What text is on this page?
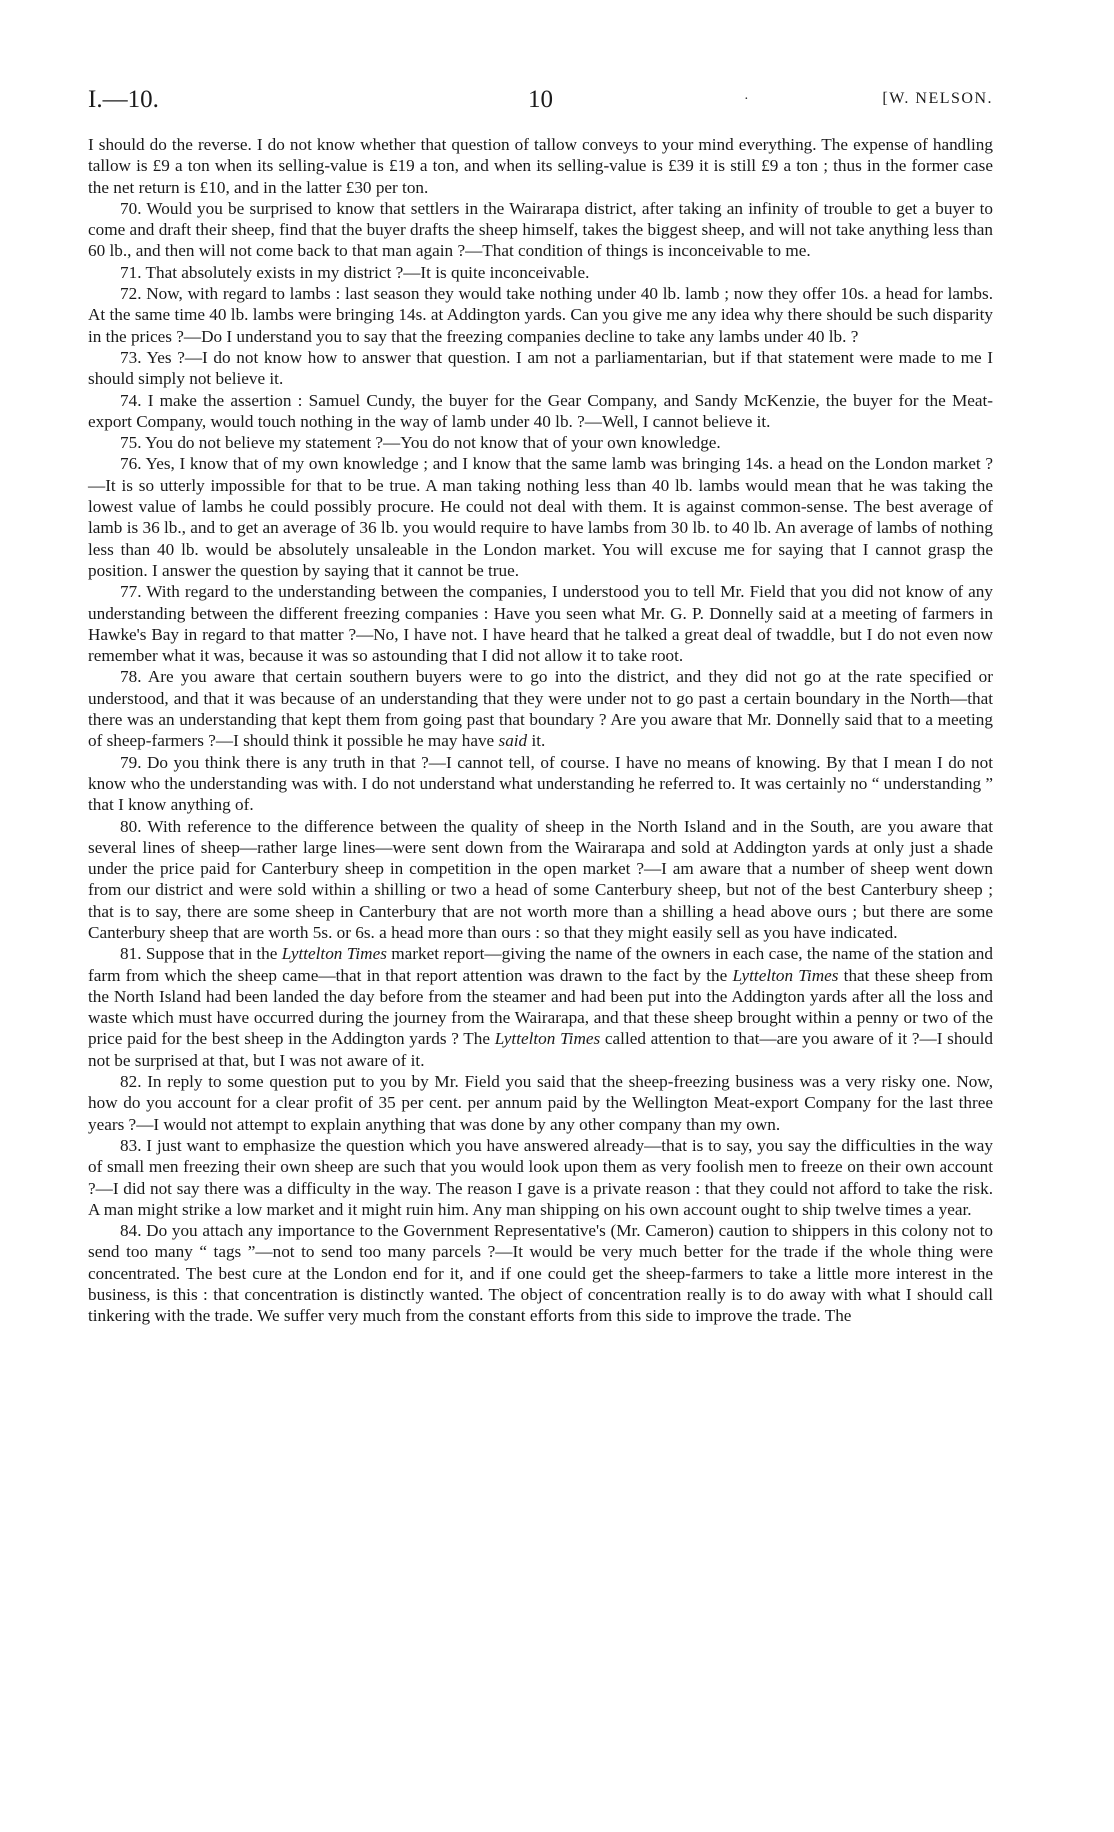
I.—10.	10	·	[W. NELSON.

I should do the reverse. I do not know whether that question of tallow conveys to your mind everything. The expense of handling tallow is £9 a ton when its selling-value is £19 a ton, and when its selling-value is £39 it is still £9 a ton ; thus in the former case the net return is £10, and in the latter £30 per ton.

70. Would you be surprised to know that settlers in the Wairarapa district, after taking an infinity of trouble to get a buyer to come and draft their sheep, find that the buyer drafts the sheep himself, takes the biggest sheep, and will not take anything less than 60 lb., and then will not come back to that man again ?—That condition of things is inconceivable to me.

71. That absolutely exists in my district ?—It is quite inconceivable.

72. Now, with regard to lambs : last season they would take nothing under 40 lb. lamb ; now they offer 10s. a head for lambs. At the same time 40 lb. lambs were bringing 14s. at Addington yards. Can you give me any idea why there should be such disparity in the prices ?—Do I understand you to say that the freezing companies decline to take any lambs under 40 lb. ?

73. Yes ?—I do not know how to answer that question. I am not a parliamentarian, but if that statement were made to me I should simply not believe it.

74. I make the assertion : Samuel Cundy, the buyer for the Gear Company, and Sandy McKenzie, the buyer for the Meat-export Company, would touch nothing in the way of lamb under 40 lb. ?—Well, I cannot believe it.

75. You do not believe my statement ?—You do not know that of your own knowledge.

76. Yes, I know that of my own knowledge ; and I know that the same lamb was bringing 14s. a head on the London market ?—It is so utterly impossible for that to be true. A man taking nothing less than 40 lb. lambs would mean that he was taking the lowest value of lambs he could possibly procure. He could not deal with them. It is against common-sense. The best average of lamb is 36 lb., and to get an average of 36 lb. you would require to have lambs from 30 lb. to 40 lb. An average of lambs of nothing less than 40 lb. would be absolutely unsaleable in the London market. You will excuse me for saying that I cannot grasp the position. I answer the question by saying that it cannot be true.

77. With regard to the understanding between the companies, I understood you to tell Mr. Field that you did not know of any understanding between the different freezing companies : Have you seen what Mr. G. P. Donnelly said at a meeting of farmers in Hawke's Bay in regard to that matter ?—No, I have not. I have heard that he talked a great deal of twaddle, but I do not even now remember what it was, because it was so astounding that I did not allow it to take root.

78. Are you aware that certain southern buyers were to go into the district, and they did not go at the rate specified or understood, and that it was because of an understanding that they were under not to go past a certain boundary in the North—that there was an understanding that kept them from going past that boundary ? Are you aware that Mr. Donnelly said that to a meeting of sheep-farmers ?—I should think it possible he may have said it.

79. Do you think there is any truth in that ?—I cannot tell, of course. I have no means of knowing. By that I mean I do not know who the understanding was with. I do not understand what understanding he referred to. It was certainly no “ understanding ” that I know anything of.

80. With reference to the difference between the quality of sheep in the North Island and in the South, are you aware that several lines of sheep—rather large lines—were sent down from the Wairarapa and sold at Addington yards at only just a shade under the price paid for Canterbury sheep in competition in the open market ?—I am aware that a number of sheep went down from our district and were sold within a shilling or two a head of some Canterbury sheep, but not of the best Canterbury sheep ; that is to say, there are some sheep in Canterbury that are not worth more than a shilling a head above ours ; but there are some Canterbury sheep that are worth 5s. or 6s. a head more than ours : so that they might easily sell as you have indicated.

81. Suppose that in the Lyttelton Times market report—giving the name of the owners in each case, the name of the station and farm from which the sheep came—that in that report attention was drawn to the fact by the Lyttelton Times that these sheep from the North Island had been landed the day before from the steamer and had been put into the Addington yards after all the loss and waste which must have occurred during the journey from the Wairarapa, and that these sheep brought within a penny or two of the price paid for the best sheep in the Addington yards ? The Lyttelton Times called attention to that—are you aware of it ?—I should not be surprised at that, but I was not aware of it.

82. In reply to some question put to you by Mr. Field you said that the sheep-freezing business was a very risky one. Now, how do you account for a clear profit of 35 per cent. per annum paid by the Wellington Meat-export Company for the last three years ?—I would not attempt to explain anything that was done by any other company than my own.

83. I just want to emphasize the question which you have answered already—that is to say, you say the difficulties in the way of small men freezing their own sheep are such that you would look upon them as very foolish men to freeze on their own account ?—I did not say there was a difficulty in the way. The reason I gave is a private reason : that they could not afford to take the risk. A man might strike a low market and it might ruin him. Any man shipping on his own account ought to ship twelve times a year.

84. Do you attach any importance to the Government Representative's (Mr. Cameron) caution to shippers in this colony not to send too many “ tags ”—not to send too many parcels ?—It would be very much better for the trade if the whole thing were concentrated. The best cure at the London end for it, and if one could get the sheep-farmers to take a little more interest in the business, is this : that concentration is distinctly wanted. The object of concentration really is to do away with what I should call tinkering with the trade. We suffer very much from the constant efforts from this side to improve the trade. The
